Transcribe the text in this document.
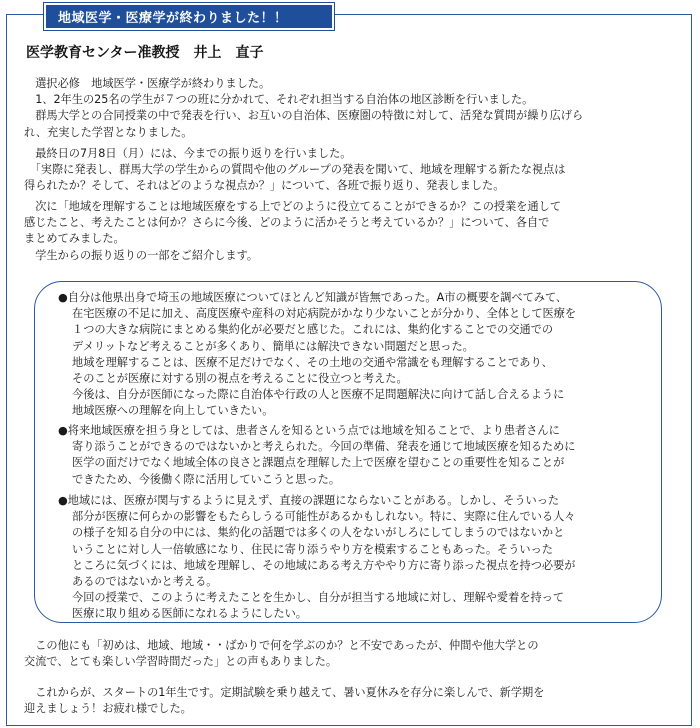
地域医学・医療学が終わりました！！
医学教育センター准教授　井上　直子

　選択必修　地域医学・医療学が終わりました。

　1、2年生の25名の学生が７つの班に分かれて、それぞれ担当する自治体の地区診断を行いました。

　群馬大学との合同授業の中で発表を行い、お互いの自治体、医療圏の特徴に対して、活発な質問が繰り広げら

れ、充実した学習となりました。

　最終日の7月8日（月）には、今までの振り返りを行いました。

　「実際に発表し、群馬大学の学生からの質問や他のグループの発表を聞いて、地域を理解する新たな視点は

得られたか？そして、それはどのような視点か？」について、各班で振り返り、発表しました。

　次に「地域を理解することは地域医療をする上でどのように役立てることができるか？この授業を通して

感じたこと、考えたことは何か？さらに今後、どのように活かそうと考えているか？」について、各自で

まとめてみました。

　学生からの振り返りの一部をご紹介します。

●自分は他県出身で埼玉の地域医療についてほとんど知識が皆無であった。A市の概要を調べてみて、

在宅医療の不足に加え、高度医療や産科の対応病院がかなり少ないことが分かり、全体として医療を

１つの大きな病院にまとめる集約化が必要だと感じた。これには、集約化することでの交通での

デメリットなど考えることが多くあり、簡単には解決できない問題だと思った。

地域を理解することは、医療不足だけでなく、その土地の交通や常識をも理解することであり、

そのことが医療に対する別の視点を考えることに役立つと考えた。

今後は、自分が医師になった際に自治体や行政の人と医療不足問題解決に向けて話し合えるように

地域医療への理解を向上していきたい。

●将来地域医療を担う身としては、患者さんを知るという点では地域を知ることで、より患者さんに

寄り添うことができるのではないかと考えられた。今回の準備、発表を通じて地域医療を知るために

医学の面だけでなく地域全体の良さと課題点を理解した上で医療を望むことの重要性を知ることが

できたため、今後働く際に活用していこうと思った。

●地域には、医療が関与するように見えず、直接の課題にならないことがある。しかし、そういった

部分が医療に何らかの影響をもたらしうる可能性があるかもしれない。特に、実際に住んでいる人々

の様子を知る自分の中には、集約化の話題では多くの人をないがしろにしてしまうのではないかと

いうことに対し人一倍敏感になり、住民に寄り添うやり方を模索することもあった。そういった

ところに気づくには、地域を理解し、その地域にある考え方ややり方に寄り添った視点を持つ必要が

あるのではないかと考える。

今回の授業で、このように考えたことを生かし、自分が担当する地域に対し、理解や愛着を持って

医療に取り組める医師になれるようにしたい。

　この他にも「初めは、地域、地域・・ばかりで何を学ぶのか？と不安であったが、仲間や他大学との

交流で、とても楽しい学習時間だった」との声もありました。

　これからが、スタートの1年生です。定期試験を乗り越えて、暑い夏休みを存分に楽しんで、新学期を

迎えましょう！お疲れ様でした。
